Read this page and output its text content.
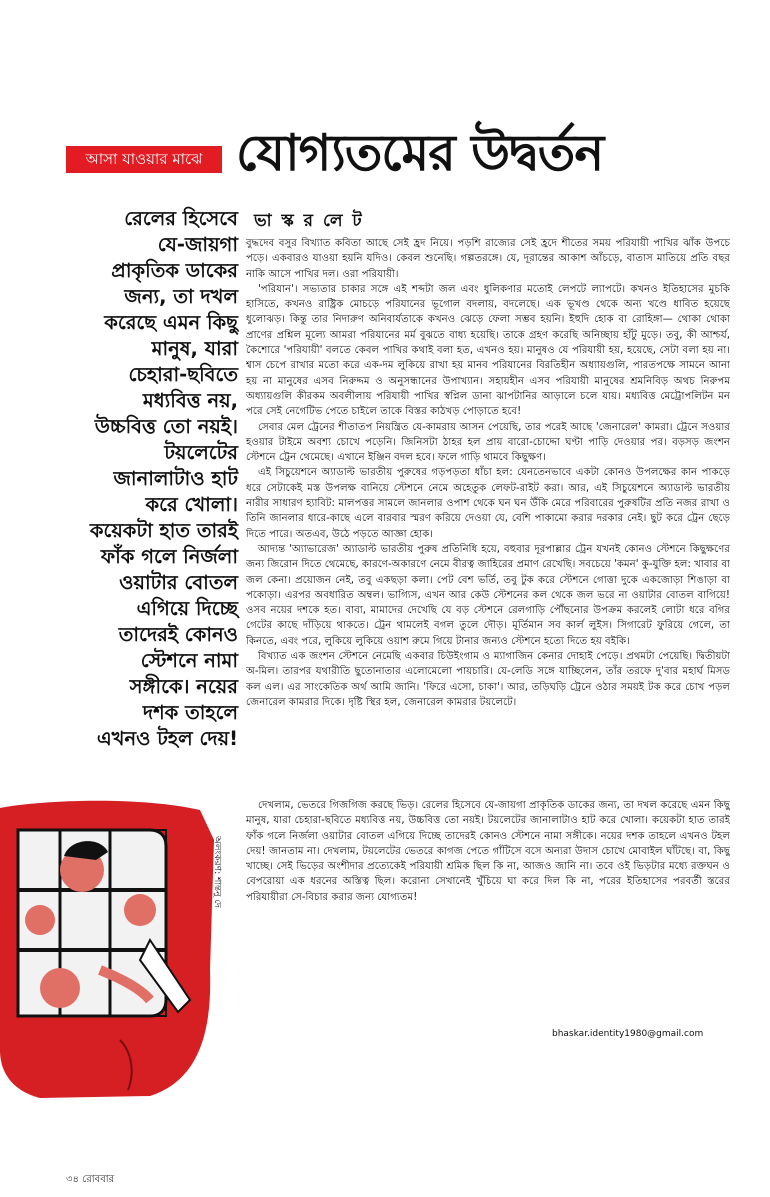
আসা যাওয়ার মাঝে যোগ্যতমের উদ্বর্তন
রেলের হিসেবে
যে-জায়গা
প্রাকৃতিক ডাকের
জন্য, তা দখল
করেছে এমন কিছু
মানুষ, যারা
চেহারা-ছবিতে
মধ্যবিত্ত নয়,
উচ্চবিত্ত তো নয়ই।
টয়লেটের
জানালাটাও হাট
করে খোলা।
কয়েকটা হাত তারই
ফাঁক গলে নির্জলা
ওয়াটার বোতল
এগিয়ে দিচ্ছে
তাদেরই কোনও
স্টেশনে নামা
সঙ্গীকে। নয়ের
দশক তাহলে
এখনও টহল দেয়!
ভা স্ক র লে ট

বুদ্ধদেব বসুর বিখ্যাত কবিতা আছে সেই হ্রদ নিয়ে। পড়শি রাজ্যের সেই হ্রদে শীতের সময় পরিযায়ী পাখির ঝাঁক উপচে পড়ে। একবারও যাওয়া হয়নি যদিও। কেবল শুনেছি। গল্পতরঙ্গে। যে, দূরান্তের আকাশ আঁচড়ে, বাতাস মাতিয়ে প্রতি বছর নাকি আসে পাখির দল। ওরা পরিযায়ী।

'পরিযান'। সভ্যতার চাকার সঙ্গে এই শব্দটা জল এবং ধুলিকণার মতোই লেপটে ল্যাপটে। কখনও ইতিহাসের মুচকি হাসিতে, কখনও রাষ্ট্রিক মোচড়ে পরিযানের ভূগোল বদলায়, বদলেছে। এক ভূখণ্ড থেকে অন্য খণ্ডে ধাবিত হয়েছে ধুলোঝড়। কিন্তু তার নিদারুণ অনিবার্যতাকে কখনও ঝেড়ে ফেলা সম্ভব হয়নি। ইহুদি হোক বা রোহিঙ্গা— থোকা থোকা প্রাণের প্রশ্নিল মূল্যে আমরা পরিযানের মর্ম বুঝতে বাধ্য হয়েছি। তাকে গ্রহণ করেছি অনিচ্ছায় হাঁটু মুড়ে। তবু, কী আশ্চর্য, কৈশোরে 'পরিযায়ী' বলতে কেবল পাখির কথাই বলা হত, এখনও হয়। মানুষও যে পরিযায়ী হয়, হয়েছে, সেটা বলা হয় না। শ্বাস চেপে রাখার মতো করে এক-দম লুকিয়ে রাখা হয় মানব পরিযানের বিরতিহীন অধ্যায়গুলি, পারতপক্ষে সামনে আনা হয় না মানুষের এসব নিরুদ্দম ও অনুসন্ধানের উপাখ্যান। সহায়হীন এসব পরিযায়ী মানুষের শ্রমনিবিড় অথচ নিরুপম অধ্যায়গুলি কীরকম অবলীলায় পরিযায়ী পাখির স্বপ্নিল ডানা ঝাপটানির আড়ালে চলে যায়। মধ্যবিত্ত মেট্রোপলিটন মন পরে সেই নেগেটিভ পেতে চাইলে তাকে বিস্তর কাঠখড় পোড়াতে হবে!

সেবার মেল ট্রেনের শীতাতপ নিয়ন্ত্রিত যে-কামরায় আসন পেয়েছি, তার পরেই আছে 'জেনারেল' কামরা। ট্রেনে সওয়ার হওয়ার টাইমে অবশ্য চোখে পড়েনি। জিনিসটা ঠাহর হল প্রায় বারো-চোদ্দো ঘণ্টা পাড়ি দেওয়ার পর। বড়সড় জংশন স্টেশনে ট্রেন থেমেছে। এখানে ইঞ্জিন বদল হবে। ফলে গাড়ি থামবে কিছুক্ষণ।

এই সিচুয়েশনে অ্যাডাল্ট ভারতীয় পুরুষের গড়পড়তা ধাঁচা হল: যেনতেনভাবে একটা কোনও উপলক্ষের কান পাকড়ে ধরে সেটাকেই মস্ত উপলক্ষ বানিয়ে স্টেশনে নেমে অহেতুক লেফট-রাইট করা। আর, এই সিচুয়েশনে অ্যাডাল্ট ভারতীয় নারীর সাধারণ হ্যাবিট: মালপত্তর সামলে জানলার ওপাশ থেকে ঘন ঘন উঁকি মেরে পরিবারের পুরুষটির প্রতি নজর রাখা ও তিনি জানলার ধারে-কাছে এলে বারবার স্মরণ করিয়ে দেওয়া যে, বেশি পাকামো করার দরকার নেই। ছুট করে ট্রেন ছেড়ে দিতে পারে। অতএব, উঠে পড়তে আজ্ঞা হোক।

আদ্যন্ত 'অ্যাভারেজ' অ্যাডাল্ট ভারতীয় পুরুষ প্রতিনিধি হয়ে, বহুবার দূরপাল্লার ট্রেন যখনই কোনও স্টেশনে কিছুক্ষণের জন্য জিরোন দিতে থেমেছে, কারণে-অকারণে নেমে বীরত্ব জাহিরের প্রমাণ রেখেছি। সবচেয়ে 'কমন' কু-যুক্তি হল: খাবার বা জল কেনা। প্রয়োজন নেই, তবু একছড়া কলা। পেট বেশ ভর্তি, তবু টুক করে স্টেশনে গোত্তা দুকে একজোড়া শিঙাড়া বা পকোড়া। এরপর অবধারিত অম্বল। ভাগ্যিস, এখন আর কেউ স্টেশনের কল থেকে জল ভরে না ওয়াটার বোতল বাগিয়ে! ওসব নয়ের দশকে হত। বাবা, মামাদের দেখেছি যে বড় স্টেশনে রেলগাড়ি পৌঁছনোর উপক্রম করলেই লোটা ধরে বগির গেটের কাছে দাঁড়িয়ে থাকতে। ট্রেন থামলেই বগল তুলে দৌড়। মূর্তিমান সব কার্ল লুইস। সিগারেট ফুরিয়ে গেলে, তা কিনতে, এবং পরে, লুকিয়ে লুকিয়ে ওয়াশ রুমে গিয়ে টানার জন্যও স্টেশনে হত্যে দিতে হয় বইকি।

বিখ্যাত এক জংশন স্টেশনে নেমেছি একবার চিউইংগাম ও ম্যাগাজিন কেনার দোহাই পেড়ে। প্রথমটা পেয়েছি। দ্বিতীয়টা অ-মিল। তারপর যথারীতি ছুতোনাতার এলোমেলো পায়চারি। যে-লেডি সঙ্গে যাচ্ছিলেন, তাঁর তরফে দু'বার মহার্ঘ মিসড কল এল। এর সাংকেতিক অর্থ আমি জানি। 'ফিরে এসো, চাকা'। আর, তড়িঘড়ি ট্রেনে ওঠার সময়ই টক করে চোখ পড়ল জেনারেল কামরার দিকে। দৃষ্টি স্থির হল, জেনারেল কামরার টয়লেটে।

দেখলাম, ভেতরে গিজগিজ করছে ভিড়। রেলের হিসেবে যে-জায়গা প্রাকৃতিক ডাকের জন্য, তা দখল করেছে এমন কিছু মানুষ, যারা চেহারা-ছবিতে মধ্যবিত্ত নয়, উচ্চবিত্ত তো নয়ই। টয়লেটের জানালাটাও হাট করে খোলা। কয়েকটা হাত তারই ফাঁক গলে নির্জলা ওয়াটার বোতল এগিয়ে দিচ্ছে তাদেরই কোনও স্টেশনে নামা সঙ্গীকে। নয়ের দশক তাহলে এখনও টহল দেয়! জানতাম না। দেখলাম, টয়লেটের ভেতরে কাগজ পেতে গাঁটিসে বসে অন্যরা উদাস চোখে মোবাইল ঘাঁটছে। বা, কিছু খাচ্ছে। সেই ভিড়ের অংশীদার প্রত্যেকেই পরিযায়ী শ্রমিক ছিল কি না, আজও জানি না। তবে ওই ভিড়টার মধ্যে রক্তঘন ও বেপরোয়া এক ধরনের অস্তিত্ব ছিল। করোনা সেখানেই খুঁচিয়ে ঘা করে দিল কি না, পরের ইতিহাসের পরবর্তী স্তরের পরিযায়ীরা সে-বিচার করার জন্য যোগ্যতম!

bhaskar.identity1980@gmail.com
অলংকরণ: শান্তনু দে
৩৪ রোববার
